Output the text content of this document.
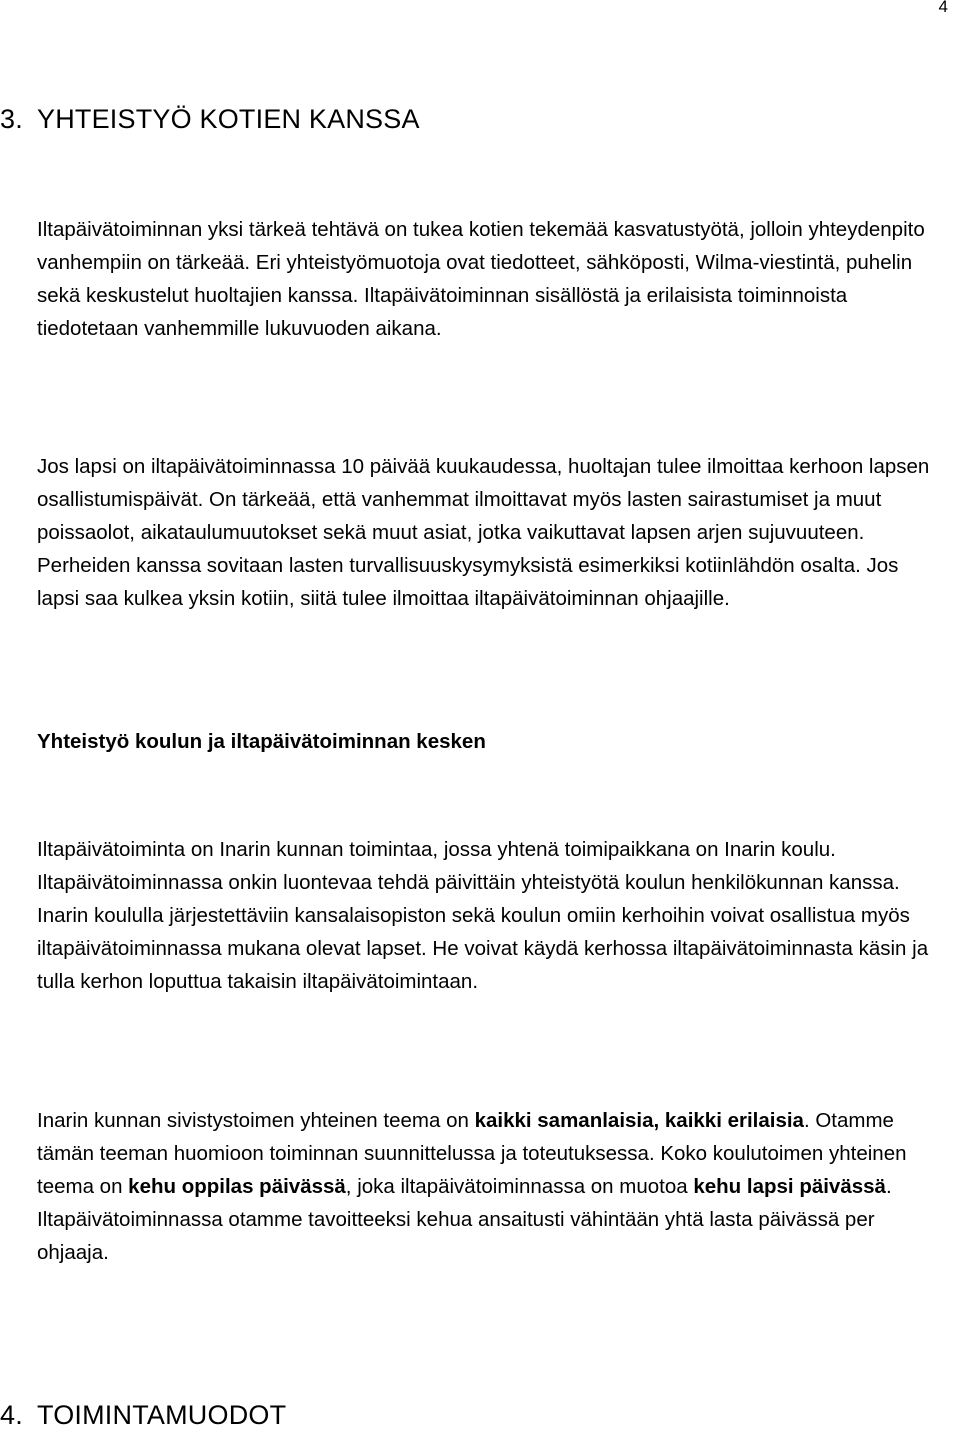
4
3. YHTEISTYÖ KOTIEN KANSSA

Iltapäivätoiminnan yksi tärkeä tehtävä on tukea kotien tekemää kasvatustyötä, jolloin yhteydenpito vanhempiin on tärkeää. Eri yhteistyömuotoja ovat tiedotteet, sähköposti, Wilma-viestintä, puhelin sekä keskustelut huoltajien kanssa. Iltapäivätoiminnan sisällöstä ja erilaisista toiminnoista tiedotetaan vanhemmille lukuvuoden aikana.

Jos lapsi on iltapäivätoiminnassa 10 päivää kuukaudessa, huoltajan tulee ilmoittaa kerhoon lapsen osallistumispäivät. On tärkeää, että vanhemmat ilmoittavat myös lasten sairastumiset ja muut poissaolot, aikataulumuutokset sekä muut asiat, jotka vaikuttavat lapsen arjen sujuvuuteen. Perheiden kanssa sovitaan lasten turvallisuuskysymyksistä esimerkiksi kotiinlähdön osalta. Jos lapsi saa kulkea yksin kotiin, siitä tulee ilmoittaa iltapäivätoiminnan ohjaajille.

Yhteistyö koulun ja iltapäivätoiminnan kesken

Iltapäivätoiminta on Inarin kunnan toimintaa, jossa yhtenä toimipaikkana on Inarin koulu. Iltapäivätoiminnassa onkin luontevaa tehdä päivittäin yhteistyötä koulun henkilökunnan kanssa. Inarin koululla järjestettäviin kansalaisopiston sekä koulun omiin kerhoihin voivat osallistua myös iltapäivätoiminnassa mukana olevat lapset. He voivat käydä kerhossa iltapäivätoiminnasta käsin ja tulla kerhon loputtua takaisin iltapäivätoimintaan.

Inarin kunnan sivistystoimen yhteinen teema on kaikki samanlaisia, kaikki erilaisia. Otamme tämän teeman huomioon toiminnan suunnittelussa ja toteutuksessa. Koko koulutoimen yhteinen teema on kehu oppilas päivässä, joka iltapäivätoiminnassa on muotoa kehu lapsi päivässä. Iltapäivätoiminnassa otamme tavoitteeksi kehua ansaitusti vähintään yhtä lasta päivässä per ohjaaja.

4. TOIMINTAMUODOT
